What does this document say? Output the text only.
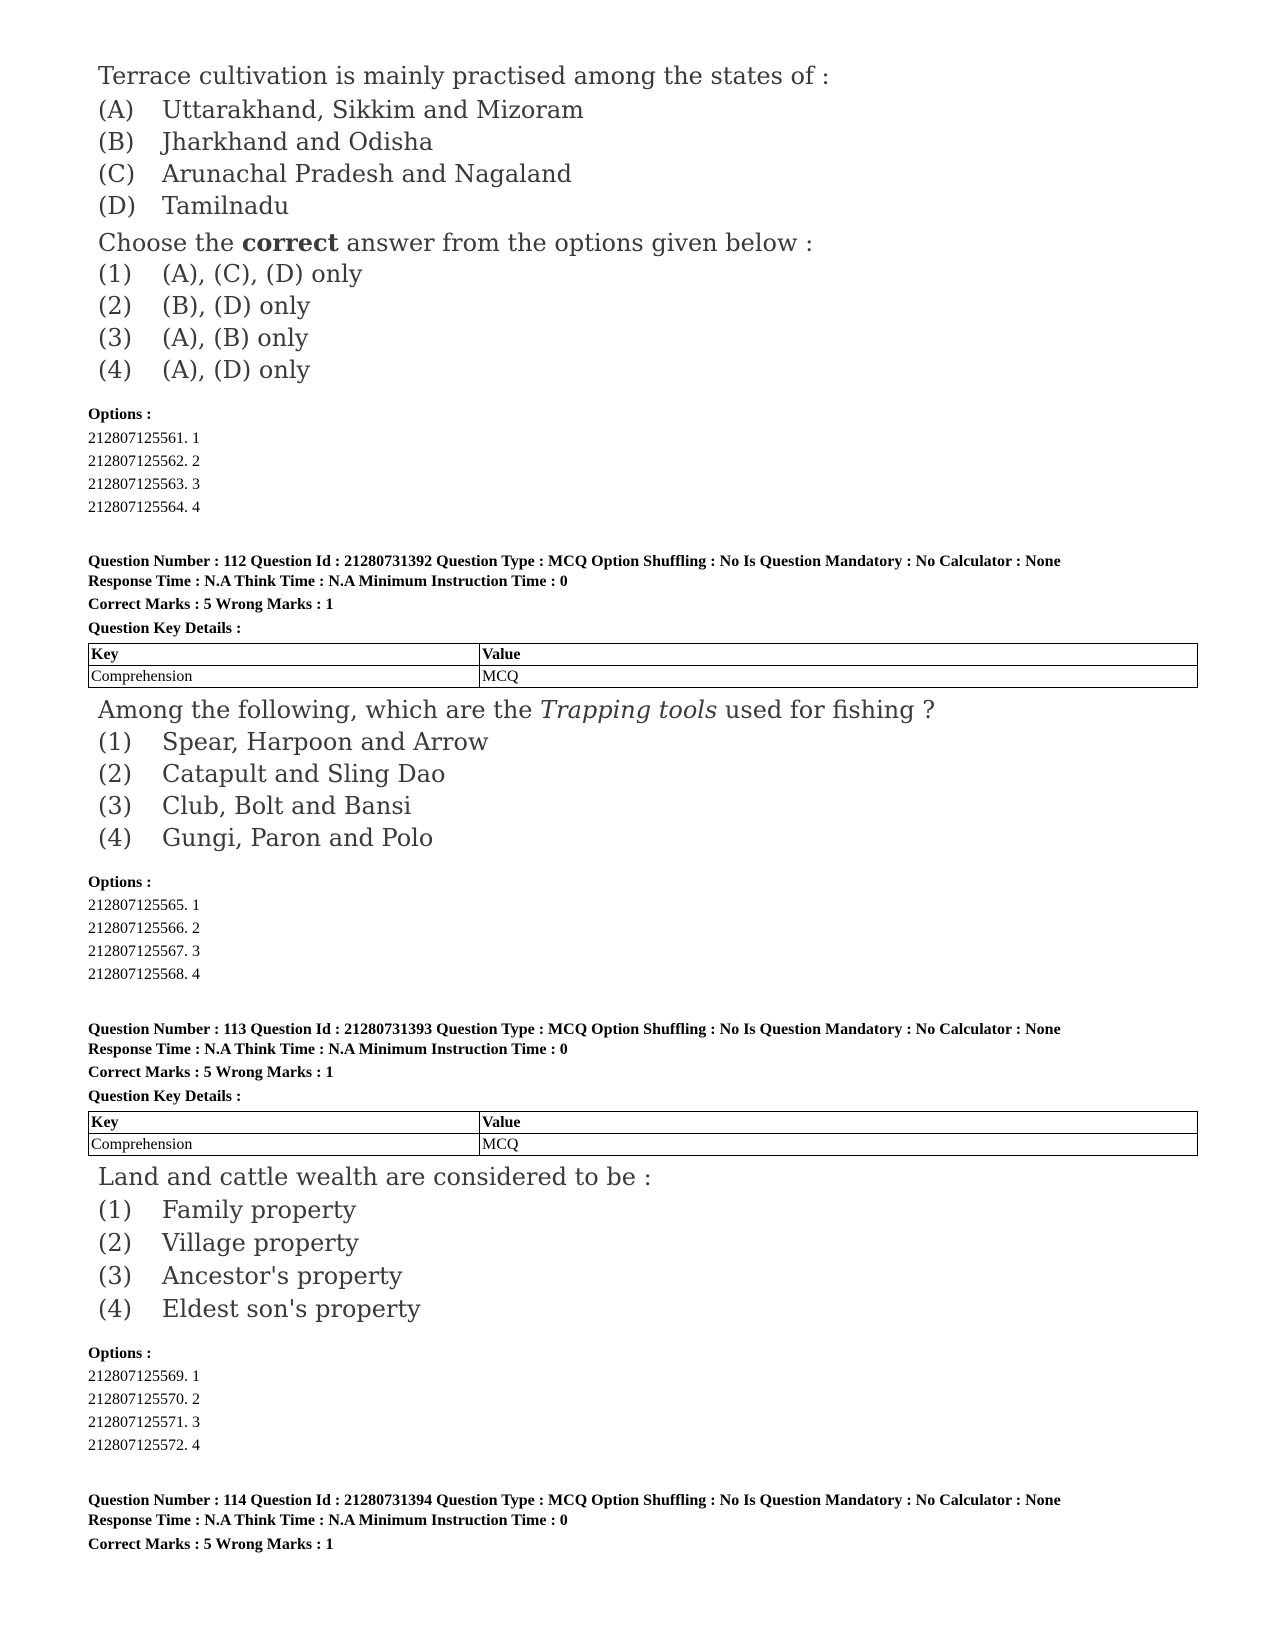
Terrace cultivation is mainly practised among the states of :
(A) Uttarakhand, Sikkim and Mizoram
(B) Jharkhand and Odisha
(C) Arunachal Pradesh and Nagaland
(D) Tamilnadu
Choose the correct answer from the options given below :
(1) (A), (C), (D) only
(2) (B), (D) only
(3) (A), (B) only
(4) (A), (D) only
Options :
212807125561. 1
212807125562. 2
212807125563. 3
212807125564. 4
Question Number : 112 Question Id : 21280731392 Question Type : MCQ Option Shuffling : No Is Question Mandatory : No Calculator : None
Response Time : N.A Think Time : N.A Minimum Instruction Time : 0
Correct Marks : 5 Wrong Marks : 1
Question Key Details :
Key	Value
Comprehension	MCQ
Among the following, which are the Trapping tools used for fishing ?
(1) Spear, Harpoon and Arrow
(2) Catapult and Sling Dao
(3) Club, Bolt and Bansi
(4) Gungi, Paron and Polo
Options :
212807125565. 1
212807125566. 2
212807125567. 3
212807125568. 4
Question Number : 113 Question Id : 21280731393 Question Type : MCQ Option Shuffling : No Is Question Mandatory : No Calculator : None
Response Time : N.A Think Time : N.A Minimum Instruction Time : 0
Correct Marks : 5 Wrong Marks : 1
Question Key Details :
Key	Value
Comprehension	MCQ
Land and cattle wealth are considered to be :
(1) Family property
(2) Village property
(3) Ancestor's property
(4) Eldest son's property
Options :
212807125569. 1
212807125570. 2
212807125571. 3
212807125572. 4
Question Number : 114 Question Id : 21280731394 Question Type : MCQ Option Shuffling : No Is Question Mandatory : No Calculator : None
Response Time : N.A Think Time : N.A Minimum Instruction Time : 0
Correct Marks : 5 Wrong Marks : 1
